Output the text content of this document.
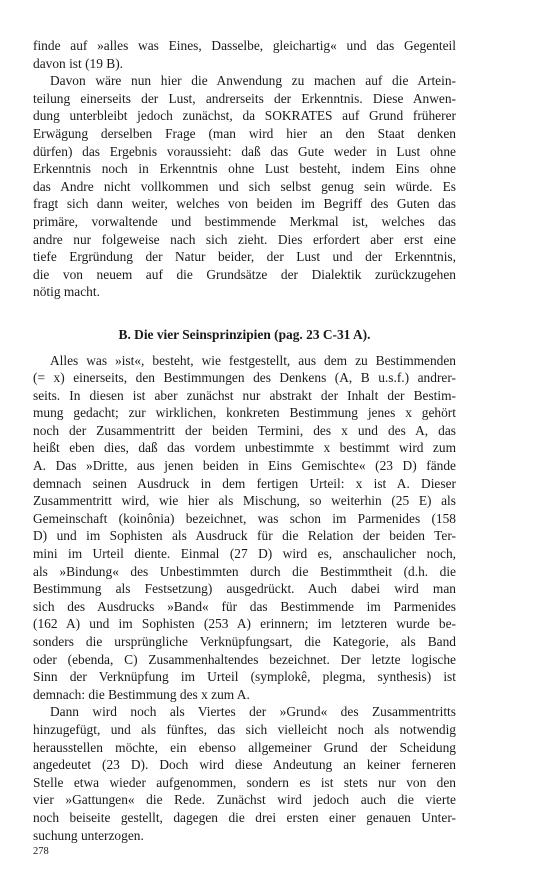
finde auf »alles was Eines, Dasselbe, gleichartig« und das Gegenteil
davon ist (19 B).
Davon wäre nun hier die Anwendung zu machen auf die Artein-
teilung einerseits der Lust, andrerseits der Erkenntnis. Diese Anwen-
dung unterbleibt jedoch zunächst, da SOKRATES auf Grund früherer
Erwägung derselben Frage (man wird hier an den Staat denken
dürfen) das Ergebnis voraussieht: daß das Gute weder in Lust ohne
Erkenntnis noch in Erkenntnis ohne Lust besteht, indem Eins ohne
das Andre nicht vollkommen und sich selbst genug sein würde. Es
fragt sich dann weiter, welches von beiden im Begriff des Guten das
primäre, vorwaltende und bestimmende Merkmal ist, welches das
andre nur folgeweise nach sich zieht. Dies erfordert aber erst eine
tiefe Ergründung der Natur beider, der Lust und der Erkenntnis,
die von neuem auf die Grundsätze der Dialektik zurückzugehen
nötig macht.
B. Die vier Seinsprinzipien (pag. 23 C-31 A).
Alles was »ist«, besteht, wie festgestellt, aus dem zu Bestimmenden
(= x) einerseits, den Bestimmungen des Denkens (A, B u.s.f.) andrer-
seits. In diesen ist aber zunächst nur abstrakt der Inhalt der Bestim-
mung gedacht; zur wirklichen, konkreten Bestimmung jenes x gehört
noch der Zusammentritt der beiden Termini, des x und des A, das
heißt eben dies, daß das vordem unbestimmte x bestimmt wird zum
A. Das »Dritte, aus jenen beiden in Eins Gemischte« (23 D) fände
demnach seinen Ausdruck in dem fertigen Urteil: x ist A. Dieser
Zusammentritt wird, wie hier als Mischung, so weiterhin (25 E) als
Gemeinschaft (koinônia) bezeichnet, was schon im Parmenides (158
D) und im Sophisten als Ausdruck für die Relation der beiden Ter-
mini im Urteil diente. Einmal (27 D) wird es, anschaulicher noch,
als »Bindung« des Unbestimmten durch die Bestimmtheit (d.h. die
Bestimmung als Festsetzung) ausgedrückt. Auch dabei wird man
sich des Ausdrucks »Band« für das Bestimmende im Parmenides
(162 A) und im Sophisten (253 A) erinnern; im letzteren wurde be-
sonders die ursprüngliche Verknüpfungsart, die Kategorie, als Band
oder (ebenda, C) Zusammenhaltendes bezeichnet. Der letzte logische
Sinn der Verknüpfung im Urteil (symplokê, plegma, synthesis) ist
demnach: die Bestimmung des x zum A.
Dann wird noch als Viertes der »Grund« des Zusammentritts
hinzugefügt, und als fünftes, das sich vielleicht noch als notwendig
herausstellen möchte, ein ebenso allgemeiner Grund der Scheidung
angedeutet (23 D). Doch wird diese Andeutung an keiner ferneren
Stelle etwa wieder aufgenommen, sondern es ist stets nur von den
vier »Gattungen« die Rede. Zunächst wird jedoch auch die vierte
noch beiseite gestellt, dagegen die drei ersten einer genauen Unter-
suchung unterzogen.
278
